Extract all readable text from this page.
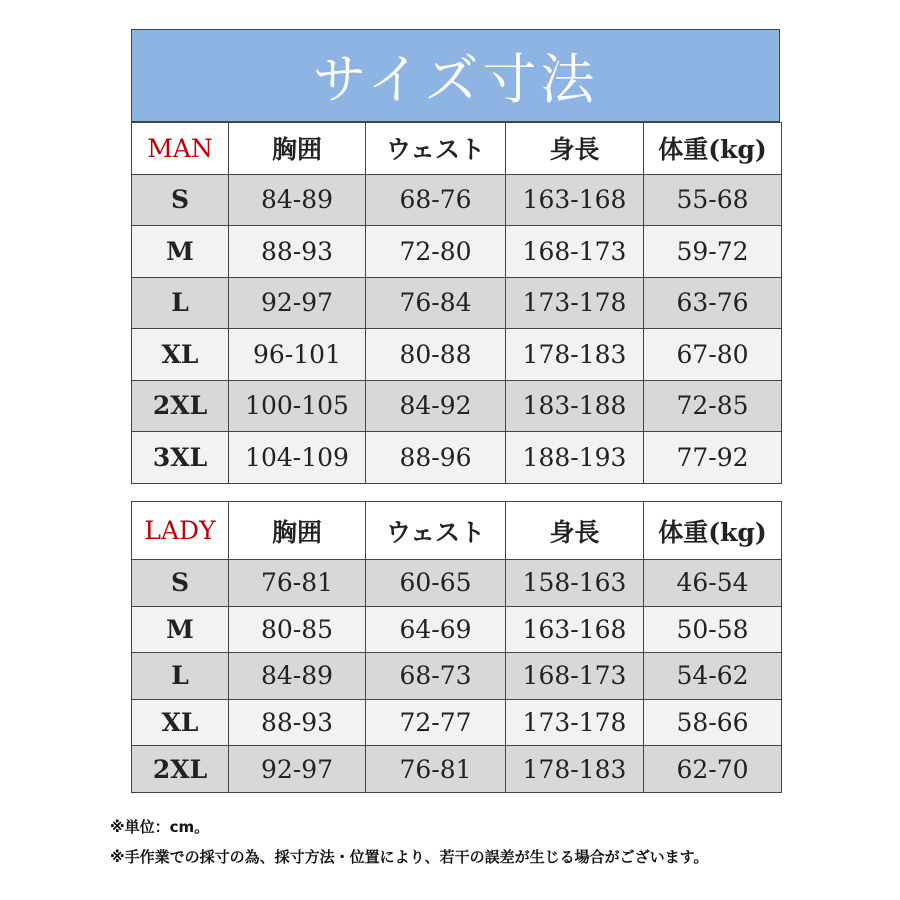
サイズ寸法
MAN	胸囲	ウェスト	身長	体重(kg)
S	84-89	68-76	163-168	55-68
M	88-93	72-80	168-173	59-72
L	92-97	76-84	173-178	63-76
XL	96-101	80-88	178-183	67-80
2XL	100-105	84-92	183-188	72-85
3XL	104-109	88-96	188-193	77-92
LADY	胸囲	ウェスト	身長	体重(kg)
S	76-81	60-65	158-163	46-54
M	80-85	64-69	163-168	50-58
L	84-89	68-73	168-173	54-62
XL	88-93	72-77	173-178	58-66
2XL	92-97	76-81	178-183	62-70
※単位：cm。
※手作業での採寸の為、採寸方法・位置により、若干の誤差が生じる場合がございます。
